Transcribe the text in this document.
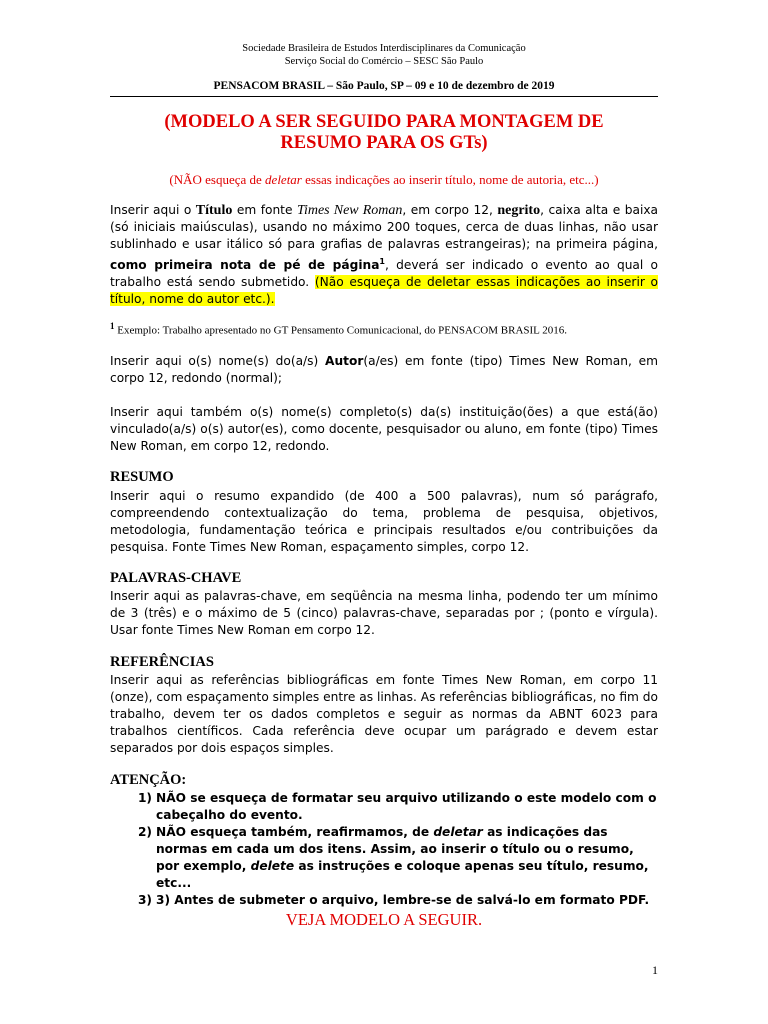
Sociedade Brasileira de Estudos Interdisciplinares da Comunicação
Serviço Social do Comércio – SESC São Paulo
PENSACOM BRASIL – São Paulo, SP – 09 e 10 de dezembro de 2019
(MODELO A SER SEGUIDO PARA MONTAGEM DE
RESUMO PARA OS GTs)
(NÃO esqueça de deletar essas indicações ao inserir título, nome de autoria, etc...)
Inserir aqui o Título em fonte Times New Roman, em corpo 12, negrito, caixa alta e baixa (só iniciais maiúsculas), usando no máximo 200 toques, cerca de duas linhas, não usar sublinhado e usar itálico só para grafias de palavras estrangeiras); na primeira página, como primeira nota de pé de página$^1$, deverá ser indicado o evento ao qual o trabalho está sendo submetido. (Não esqueça de deletar essas indicações ao inserir o título, nome do autor etc.).
$^1$ Exemplo: Trabalho apresentado no GT Pensamento Comunicacional, do PENSACOM BRASIL 2016.
Inserir aqui o(s) nome(s) do(a/s) Autor(a/es) em fonte (tipo) Times New Roman, em corpo 12, redondo (normal);
Inserir aqui também o(s) nome(s) completo(s) da(s) instituição(ões) a que está(ão) vinculado(a/s) o(s) autor(es), como docente, pesquisador ou aluno, em fonte (tipo) Times New Roman, em corpo 12, redondo.
RESUMO
Inserir aqui o resumo expandido (de 400 a 500 palavras), num só parágrafo, compreendendo contextualização do tema, problema de pesquisa, objetivos, metodologia, fundamentação teórica e principais resultados e/ou contribuições da pesquisa. Fonte Times New Roman, espaçamento simples, corpo 12.
PALAVRAS-CHAVE
Inserir aqui as palavras-chave, em seqüência na mesma linha, podendo ter um mínimo de 3 (três) e o máximo de 5 (cinco) palavras-chave, separadas por ; (ponto e vírgula). Usar fonte Times New Roman em corpo 12.
REFERÊNCIAS
Inserir aqui as referências bibliográficas em fonte Times New Roman, em corpo 11 (onze), com espaçamento simples entre as linhas. As referências bibliográficas, no fim do trabalho, devem ter os dados completos e seguir as normas da ABNT 6023 para trabalhos científicos. Cada referência deve ocupar um parágrado e devem estar separados por dois espaços simples.
ATENÇÃO:
1) NÃO se esqueça de formatar seu arquivo utilizando o este modelo com o cabeçalho do evento.
2) NÃO esqueça também, reafirmamos, de deletar as indicações das normas em cada um dos itens. Assim, ao inserir o título ou o resumo, por exemplo, delete as instruções e coloque apenas seu título, resumo, etc...
3) 3) Antes de submeter o arquivo, lembre-se de salvá-lo em formato PDF.
VEJA MODELO A SEGUIR.
1
